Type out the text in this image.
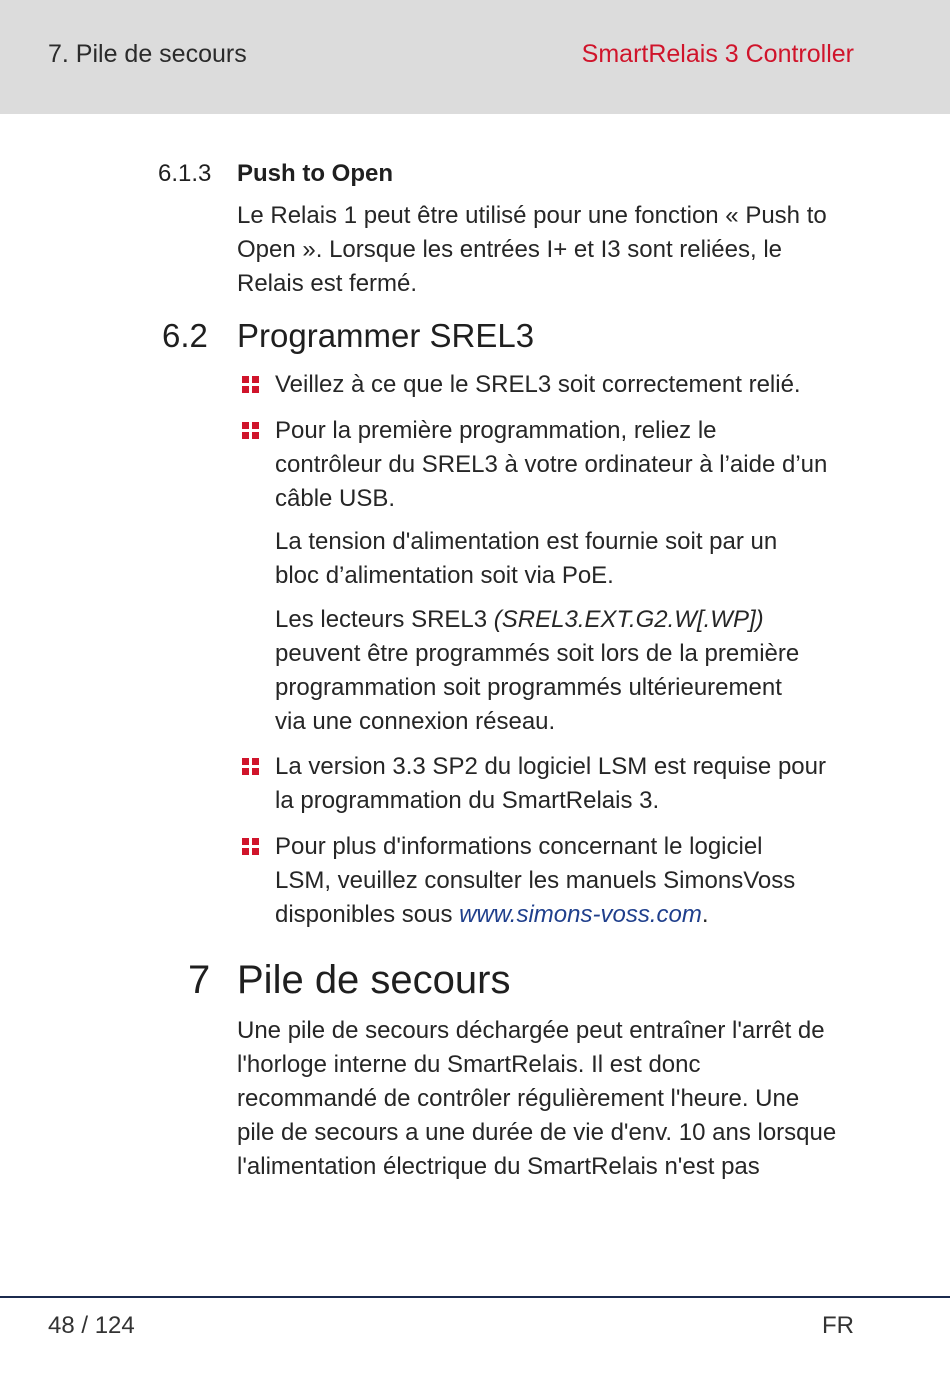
7. Pile de secours	SmartRelais 3 Controller
6.1.3 Push to Open

Le Relais 1 peut être utilisé pour une fonction « Push to
Open ». Lorsque les entrées I+ et I3 sont reliées, le
Relais est fermé.

6.2 Programmer SREL3

Veillez à ce que le SREL3 soit correctement relié.

Pour la première programmation, reliez le
contrôleur du SREL3 à votre ordinateur à l’aide d’un
câble USB.

La tension d'alimentation est fournie soit par un
bloc d’alimentation soit via PoE.

Les lecteurs SREL3 (SREL3.EXT.G2.W[.WP])
peuvent être programmés soit lors de la première
programmation soit programmés ultérieurement
via une connexion réseau.

La version 3.3 SP2 du logiciel LSM est requise pour
la programmation du SmartRelais 3.

Pour plus d'informations concernant le logiciel
LSM, veuillez consulter les manuels SimonsVoss
disponibles sous www.simons-voss.com.

7 Pile de secours

Une pile de secours déchargée peut entraîner l'arrêt de
l'horloge interne du SmartRelais. Il est donc
recommandé de contrôler régulièrement l'heure. Une
pile de secours a une durée de vie d'env. 10 ans lorsque
l'alimentation électrique du SmartRelais n'est pas

48 / 124	FR
